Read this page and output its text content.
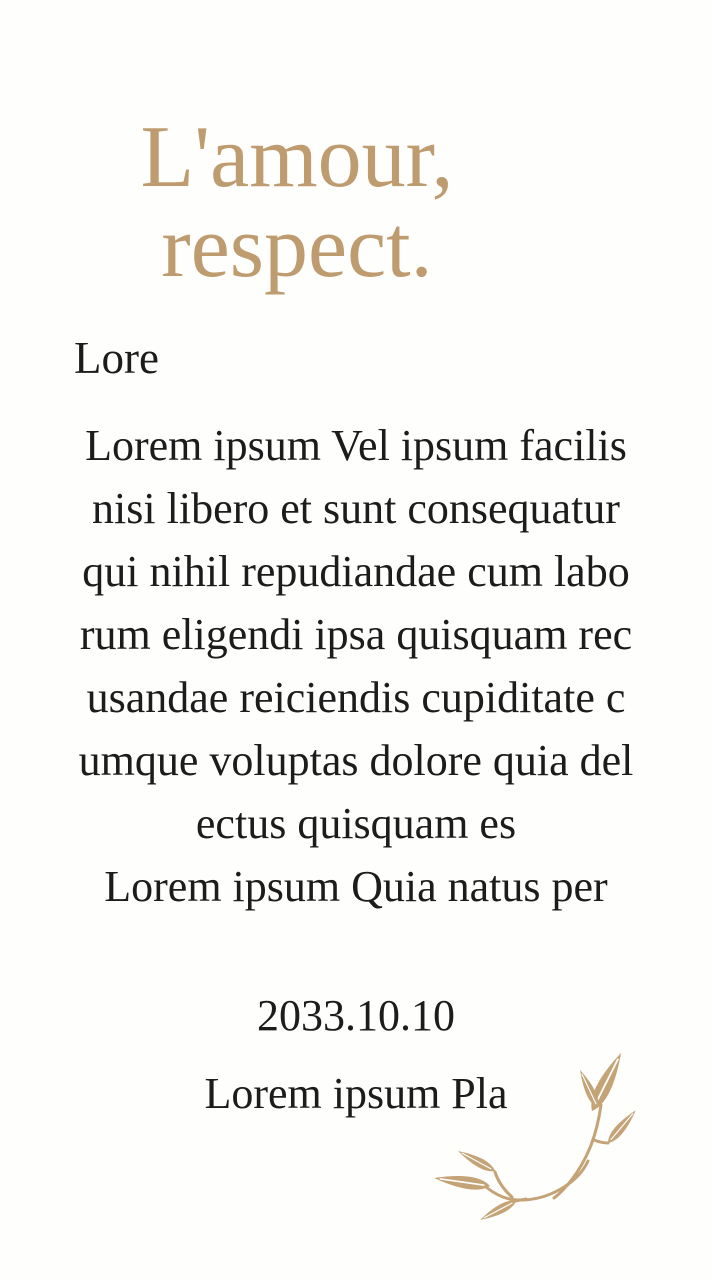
L'amour,
respect.
Lore
Lorem ipsum Vel ipsum facilis
nisi libero et sunt consequatur
qui nihil repudiandae cum labo
rum eligendi ipsa quisquam rec
usandae reiciendis cupiditate c
umque voluptas dolore quia del
ectus quisquam es
Lorem ipsum Quia natus per
2033.10.10
Lorem ipsum Pla
